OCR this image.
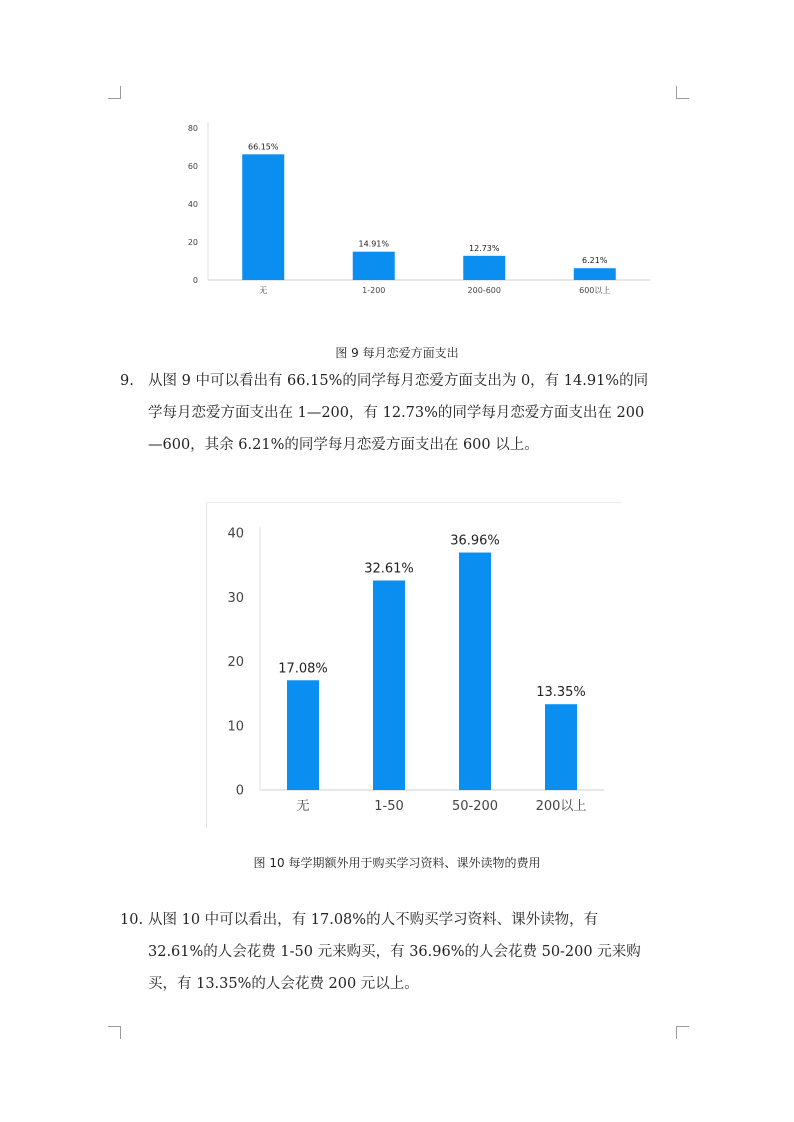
0
20
40
60
80
66.15%
无
14.91%
1-200
12.73%
200-600
6.21%
600以上
图 9 每月恋爱方面支出
9. 从图 9 中可以看出有 66.15%的同学每月恋爱方面支出为 0，有 14.91%的同
学每月恋爱方面支出在 1—200，有 12.73%的同学每月恋爱方面支出在 200
—600，其余 6.21%的同学每月恋爱方面支出在 600 以上。
0
10
20
30
40
17.08%
无
32.61%
1-50
36.96%
50-200
13.35%
200以上
图 10 每学期额外用于购买学习资料、课外读物的费用
10. 从图 10 中可以看出，有 17.08%的人不购买学习资料、课外读物，有
32.61%的人会花费 1-50 元来购买，有 36.96%的人会花费 50-200 元来购
买，有 13.35%的人会花费 200 元以上。
